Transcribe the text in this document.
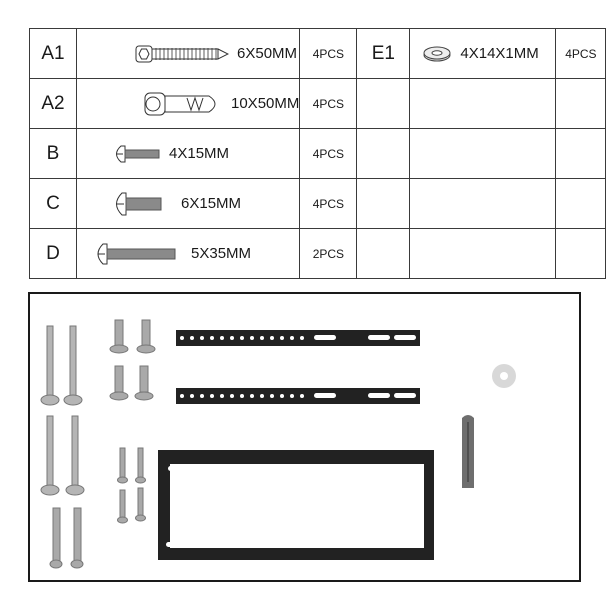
A1	6X50MM	4PCS	E1	4X14X1MM	4PCS
A2	10X50MM	4PCS			
B	4X15MM	4PCS			
C	6X15MM	4PCS			
D	5X35MM	2PCS			
